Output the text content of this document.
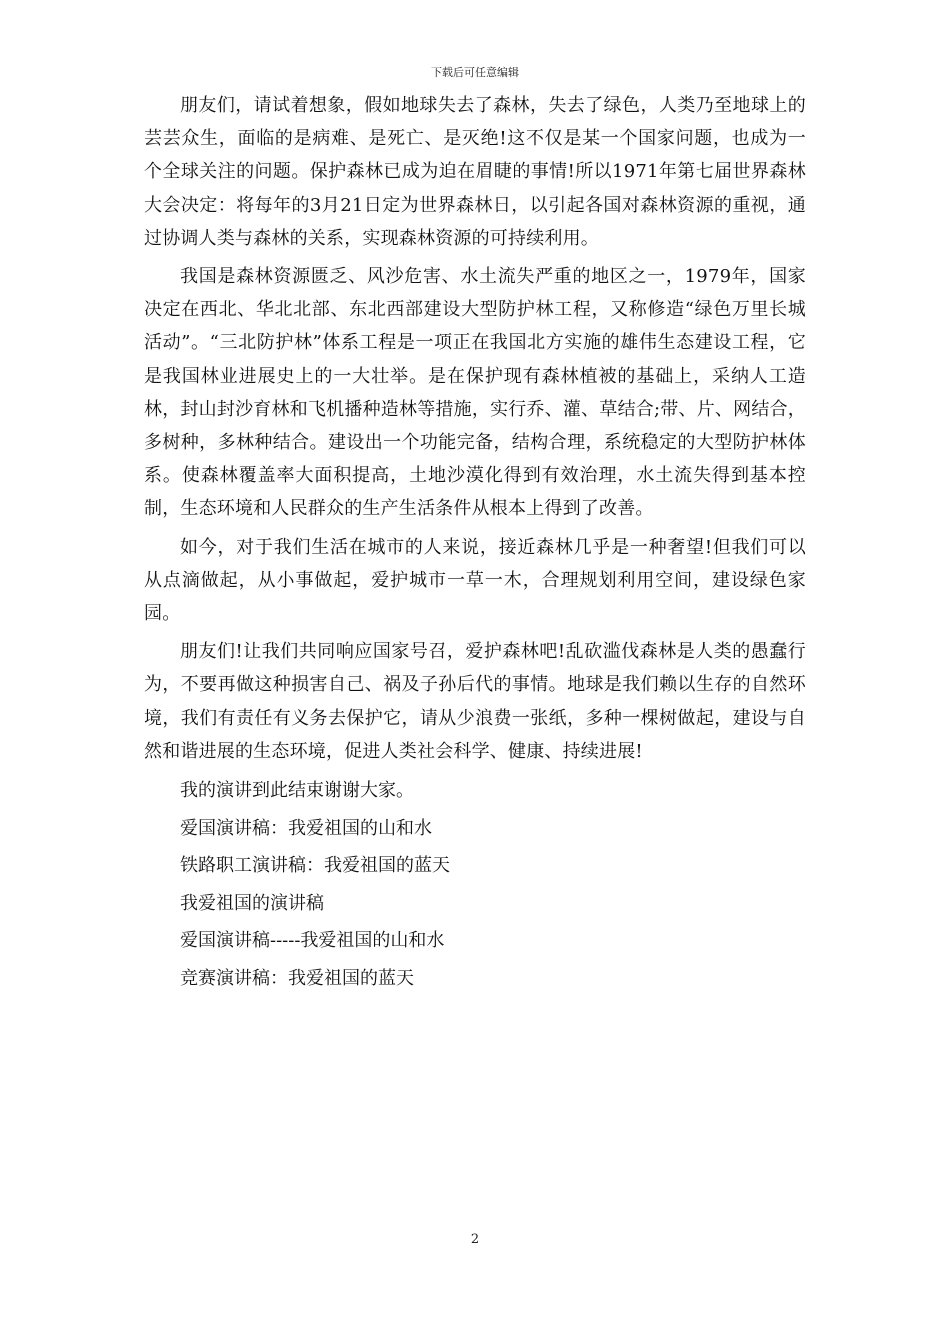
下载后可任意编辑

朋友们，请试着想象，假如地球失去了森林，失去了绿色，人类乃至地球上的芸芸众生，面临的是病难、是死亡、是灭绝!这不仅是某一个国家问题，也成为一个全球关注的问题。保护森林已成为迫在眉睫的事情!所以1971年第七届世界森林大会决定：将每年的3月21日定为世界森林日，以引起各国对森林资源的重视，通过协调人类与森林的关系，实现森林资源的可持续利用。

我国是森林资源匮乏、风沙危害、水土流失严重的地区之一，1979年，国家决定在西北、华北北部、东北西部建设大型防护林工程，又称修造“绿色万里长城活动”。“三北防护林”体系工程是一项正在我国北方实施的雄伟生态建设工程，它是我国林业进展史上的一大壮举。是在保护现有森林植被的基础上，采纳人工造林，封山封沙育林和飞机播种造林等措施，实行乔、灌、草结合;带、片、网结合，多树种，多林种结合。建设出一个功能完备，结构合理，系统稳定的大型防护林体系。使森林覆盖率大面积提高，土地沙漠化得到有效治理，水土流失得到基本控制，生态环境和人民群众的生产生活条件从根本上得到了改善。

如今，对于我们生活在城市的人来说，接近森林几乎是一种奢望!但我们可以从点滴做起，从小事做起，爱护城市一草一木，合理规划利用空间，建设绿色家园。

朋友们!让我们共同响应国家号召，爱护森林吧!乱砍滥伐森林是人类的愚蠢行为，不要再做这种损害自己、祸及子孙后代的事情。地球是我们赖以生存的自然环境，我们有责任有义务去保护它，请从少浪费一张纸，多种一棵树做起，建设与自然和谐进展的生态环境，促进人类社会科学、健康、持续进展!

我的演讲到此结束谢谢大家。

爱国演讲稿：我爱祖国的山和水

铁路职工演讲稿：我爱祖国的蓝天

我爱祖国的演讲稿

爱国演讲稿-----我爱祖国的山和水

竞赛演讲稿：我爱祖国的蓝天

2
